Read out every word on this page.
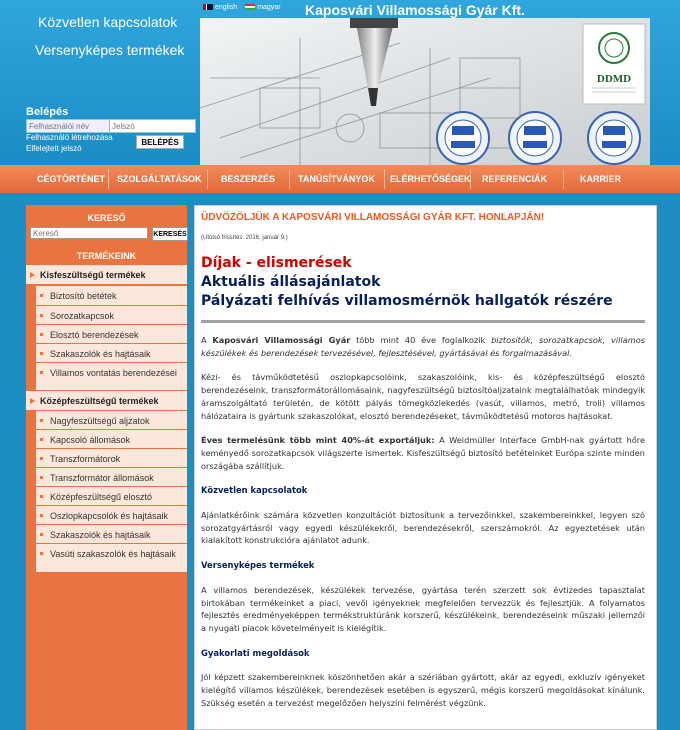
Közvetlen kapcsolatok
Versenyképes termékek
english	magyar Kaposvári Villamossági Gyár Kft.
DDMD
Belépés
Felhasználói név
Felhasználó létrehozása
Elfelejtett jelszó
BELÉPÉS
CÉGTÖRTÉNET SZOLGÁLTATÁSOK BESZERZÉS	TANÚSÍTVÁNYOK ELÉRHETŐSÉGEK REFERENCIÁK	KARRIER
KERESŐ
Kereső
KERESÉS
TERMÉKEINK
Kisfeszültségű termékek
Biztosító betétek
Sorozatkapcsok
Elosztó berendezések
Szakaszolók és hajtásaik
Villamos vontatás berendezései
Középfeszültségű termékek
Nagyfeszültségű aljzatok
Kapcsoló állomások
Transzformátorok
Transzformátor állomások
Középfeszültségű elosztó
Oszlopkapcsolók és hajtásaik
Szakaszolók és hajtásaik
Vasúti szakaszolók és hajtásaik
ÜDVÖZÖLJÜK A KAPOSVÁRI VILLAMOSSÁGI GYÁR KFT. HONLAPJÁN!
(Utolsó frissítés: 2016. január 9.)
Díjak - elismerések
Aktuális állásajánlatok
Pályázati felhívás villamosmérnök hallgatók részére

A Kaposvári Villamossági Gyár több mint 40 éve foglalkozik biztosítók, sorozatkapcsok, villamos készülékek és berendezések tervezésével, fejlesztésével, gyártásával és forgalmazásával.

Kézi- és távműködtetésű oszlopkapcsolóink, szakaszolóink, kis- és középfeszültségű elosztó berendezéseink, transzformátorállomásaink, nagyfeszültségű biztosítóaljzataink megtalálhatóak mindegyik áramszolgáltató területén, de kötött pályás tömegközlekedés (vasút, villamos, metró, troli) villamos hálózataira is gyártunk szakaszolókat, elosztó berendezéseket, távműködtetésű motoros hajtásokat.

Éves termelésünk több mint 40%-át exportáljuk: A Weidmüller Interface GmbH-nak gyártott hőre keményedő sorozatkapcsok világszerte ismertek. Kisfeszültségű biztosító betéteinket Európa szinte minden országába szállítjuk.

Közvetlen kapcsolatok

Ajánlatkérőink számára közvetlen konzultációt biztosítunk a tervezőinkkel, szakembereinkkel, legyen szó sorozatgyártásról vagy egyedi készülékekről, berendezésekről, szerszámokról. Az egyeztetések után kialakított konstrukcióra ajánlatot adunk.

Versenyképes termékek

A villamos berendezések, készülékek tervezése, gyártása terén szerzett sok évtizedes tapasztalat birtokában termékeinket a piaci, vevői igényeknek megfelelően tervezzük és fejlesztjük. A folyamatos fejlesztés eredményeképpen termékstruktúránk korszerű, készülékeink, berendezéseink műszaki jellemzői a nyugati piacok követelményeit is kielégítik.

Gyakorlati megoldások

Jól képzett szakembereinknek köszönhetően akár a szériában gyártott, akár az egyedi, exkluzív igényeket kielégítő villamos készülékek, berendezések esetében is egyszerű, mégis korszerű megoldásokat kínálunk. Szükség esetén a tervezést megelőzően helyszíni felmérést végzünk.
